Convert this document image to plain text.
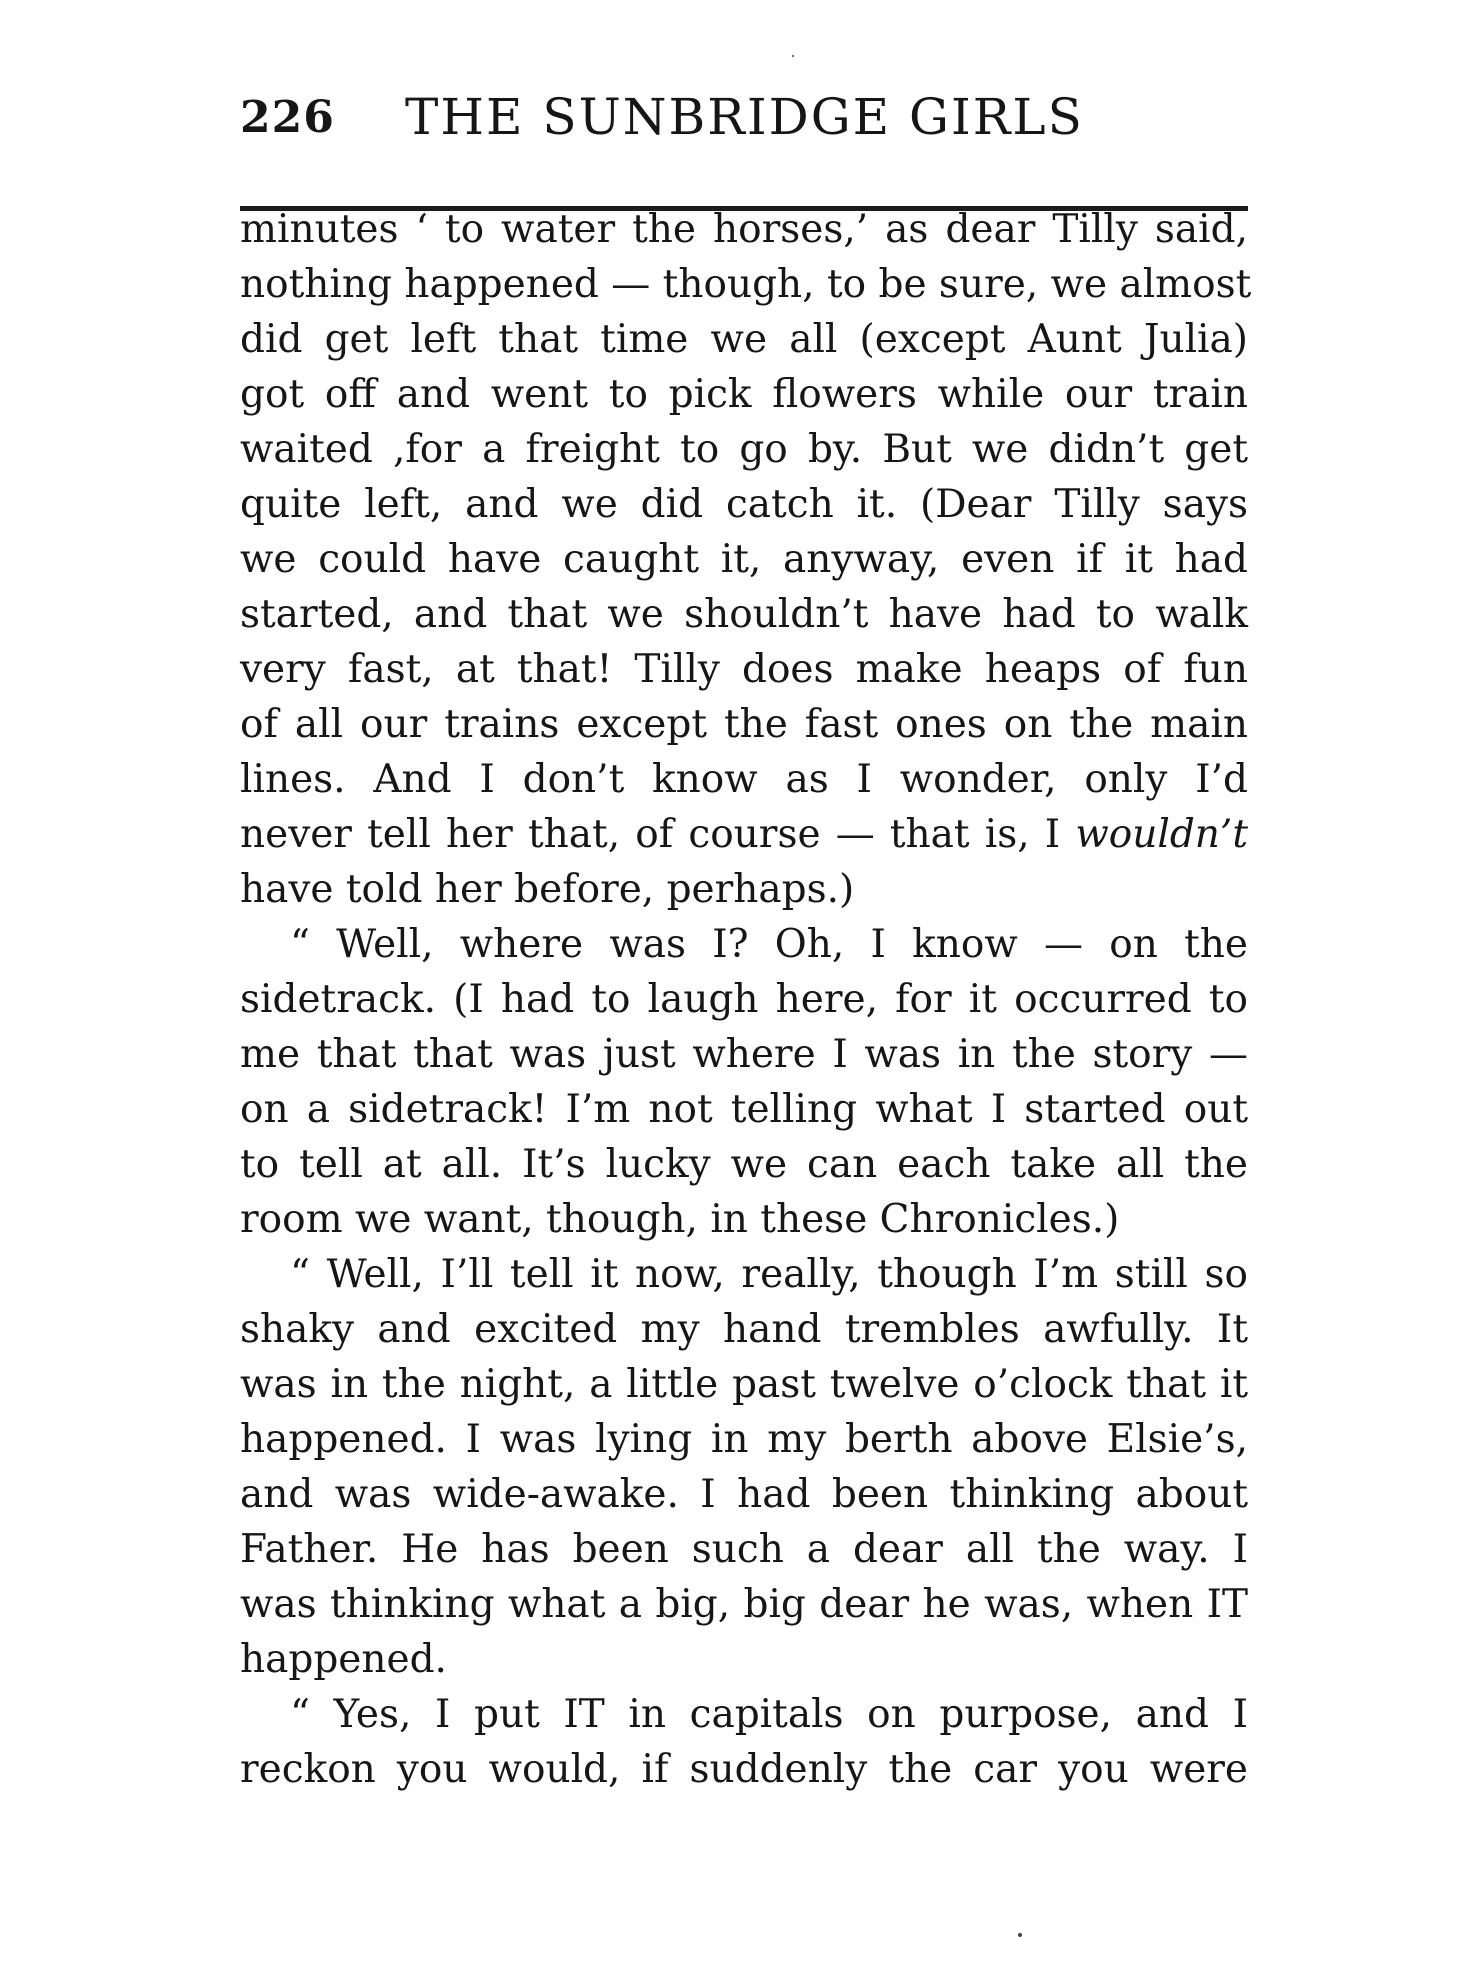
226 THE SUNBRIDGE GIRLS
minutes ‘ to water the horses,’ as dear Tilly said,
nothing happened — though, to be sure, we almost
did get left that time we all (except Aunt Julia)
got off and went to pick flowers while our train
waited ,for a freight to go by. But we didn’t get
quite left, and we did catch it. (Dear Tilly says
we could have caught it, anyway, even if it had
started, and that we shouldn’t have had to walk
very fast, at that! Tilly does make heaps of fun
of all our trains except the fast ones on the main
lines. And I don’t know as I wonder, only I’d
never tell her that, of course — that is, I wouldn’t
have told her before, perhaps.)
“ Well, where was I? Oh, I know — on the
sidetrack. (I had to laugh here, for it occurred to
me that that was just where I was in the story —
on a sidetrack! I’m not telling what I started out
to tell at all. It’s lucky we can each take all the
room we want, though, in these Chronicles.)
“ Well, I’ll tell it now, really, though I’m still so
shaky and excited my hand trembles awfully. It
was in the night, a little past twelve o’clock that it
happened. I was lying in my berth above Elsie’s,
and was wide-awake. I had been thinking about
Father. He has been such a dear all the way. I
was thinking what a big, big dear he was, when IT
happened.
“ Yes, I put IT in capitals on purpose, and I
reckon you would, if suddenly the car you were
